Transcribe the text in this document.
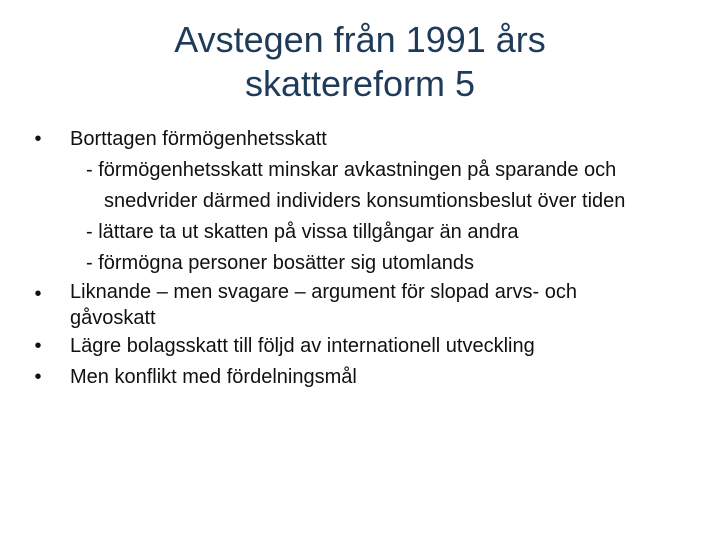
Avstegen från 1991 års
skattereform 5
•	Borttagen förmögenhetsskatt
- förmögenhetsskatt minskar avkastningen på sparande och
snedvrider därmed individers konsumtionsbeslut över tiden
- lättare ta ut skatten på vissa tillgångar än andra
- förmögna personer bosätter sig utomlands
•	Liknande – men svagare – argument för slopad arvs- och
gåvoskatt
•	Lägre bolagsskatt till följd av internationell utveckling
•	Men konflikt med fördelningsmål
